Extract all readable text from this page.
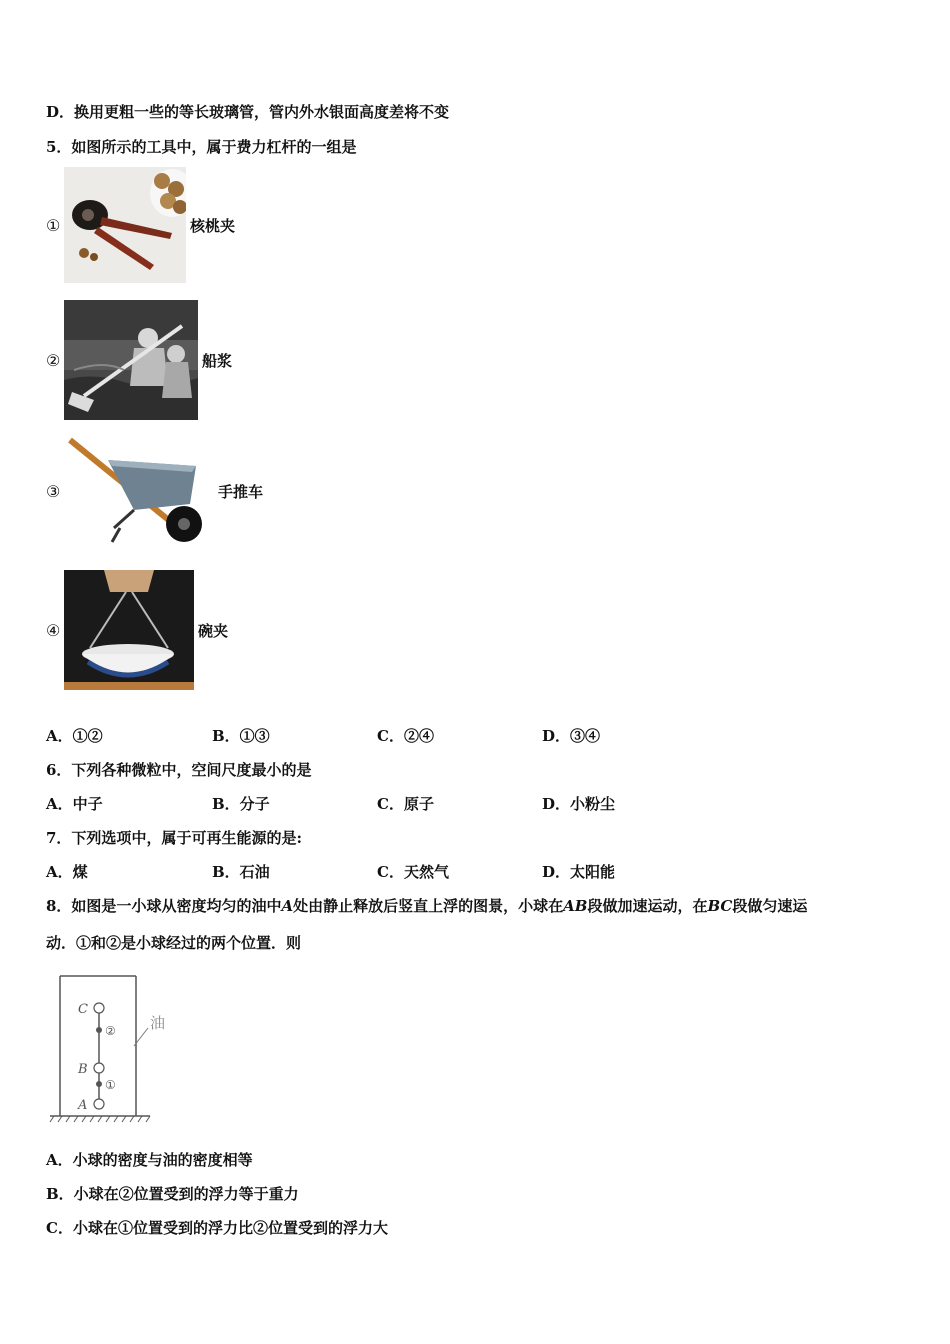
D．换用更粗一些的等长玻璃管，管内外水银面高度差将不变
5．如图所示的工具中，属于费力杠杆的一组是
①	核桃夹
②	船浆
③	手推车
④	碗夹
A．①②	B．①③	C．②④	D．③④
6．下列各种微粒中，空间尺度最小的是
A．中子	B．分子	C．原子	D．小粉尘
7．下列选项中，属于可再生能源的是:
A．煤	B．石油	C．天然气	D．太阳能
8．如图是一小球从密度均匀的油中A处由静止释放后竖直上浮的图景，小球在AB段做加速运动，在BC段做匀速运
动．①和②是小球经过的两个位置．则
C
B
A
②
①
油
A．小球的密度与油的密度相等
B．小球在②位置受到的浮力等于重力
C．小球在①位置受到的浮力比②位置受到的浮力大
